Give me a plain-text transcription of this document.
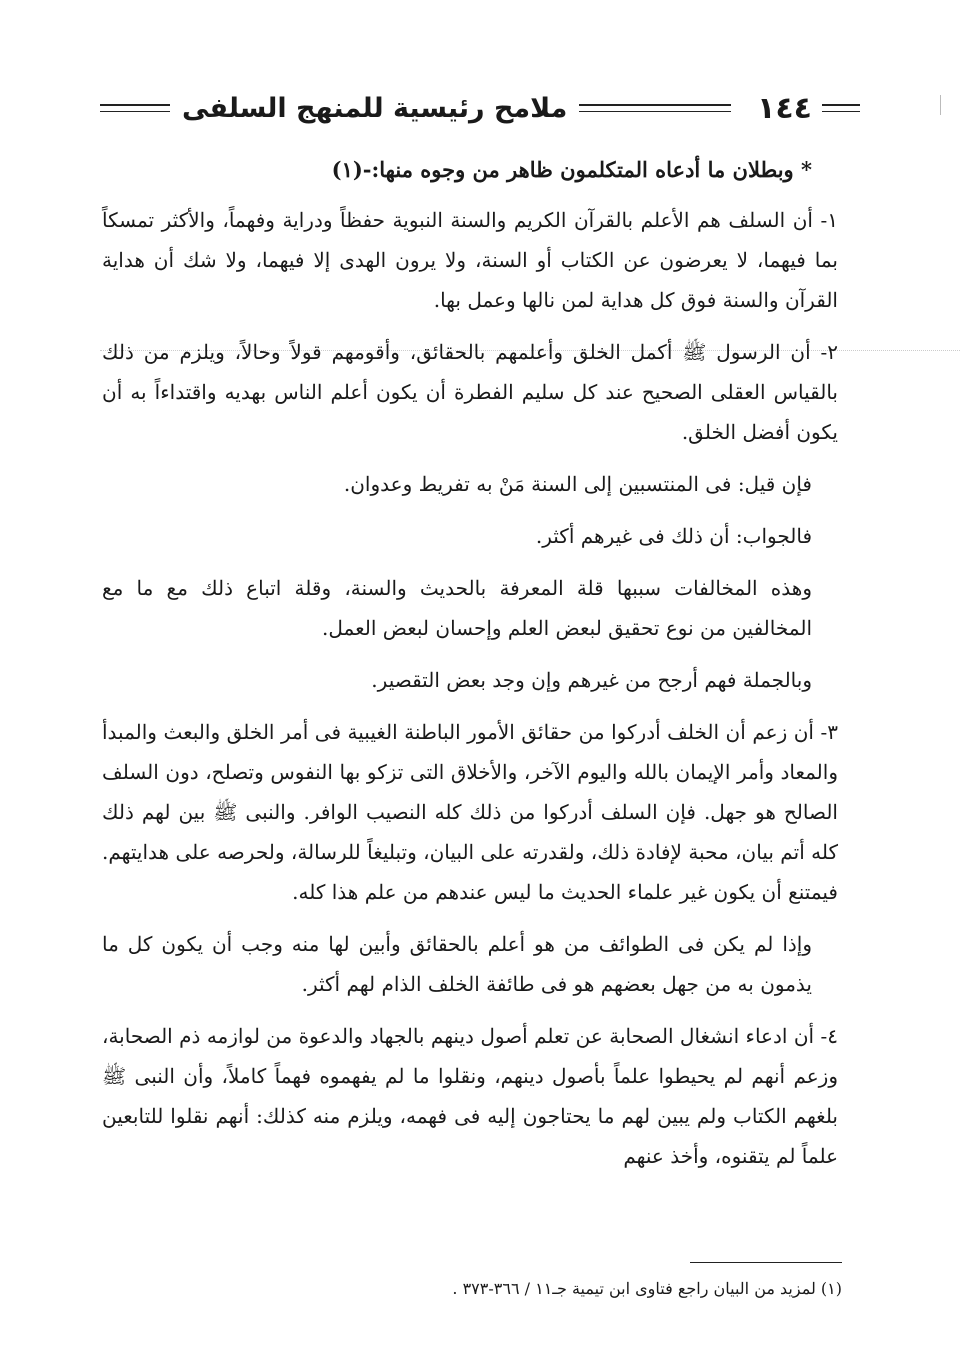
١٤٤
ملامح رئيسية للمنهج السلفى

* وبطلان ما أدعاه المتكلمون ظاهر من وجوه منها:-(١)

١- أن السلف هم الأعلم بالقرآن الكريم والسنة النبوية حفظاً ودراية وفهماً، والأكثر تمسكاً بما فيهما، لا يعرضون عن الكتاب أو السنة، ولا يرون الهدى إلا فيهما، ولا شك أن هداية القرآن والسنة فوق كل هداية لمن نالها وعمل بها.

٢- أن الرسول ﷺ أكمل الخلق وأعلمهم بالحقائق، وأقومهم قولاً وحالاً، ويلزم من ذلك بالقياس العقلى الصحيح عند كل سليم الفطرة أن يكون أعلم الناس بهديه واقتداءاً به أن يكون أفضل الخلق.

فإن قيل: فى المنتسبين إلى السنة مَنْ به تفريط وعدوان.

فالجواب: أن ذلك فى غيرهم أكثر.

وهذه المخالفات سببها قلة المعرفة بالحديث والسنة، وقلة اتباع ذلك مع ما مع المخالفين من نوع تحقيق لبعض العلم وإحسان لبعض العمل.

وبالجملة فهم أرجح من غيرهم وإن وجد بعض التقصير.

٣- أن زعم أن الخلف أدركوا من حقائق الأمور الباطنة الغيبية فى أمر الخلق والبعث والمبدأ والمعاد وأمر الإيمان بالله واليوم الآخر، والأخلاق التى تزكو بها النفوس وتصلح، دون السلف الصالح هو جهل. فإن السلف أدركوا من ذلك كله النصيب الوافر. والنبى ﷺ بين لهم ذلك كله أتم بيان، محبة لإفادة ذلك، ولقدرته على البيان، وتبليغاً للرسالة، ولحرصه على هدايتهم. فيمتنع أن يكون غير علماء الحديث ما ليس عندهم من علم هذا كله.

وإذا لم يكن فى الطوائف من هو أعلم بالحقائق وأبين لها منه وجب أن يكون كل ما يذمون به من جهل بعضهم هو فى طائفة الخلف الذام لهم أكثر.

٤- أن ادعاء انشغال الصحابة عن تعلم أصول دينهم بالجهاد والدعوة من لوازمه ذم الصحابة، وزعم أنهم لم يحيطوا علماً بأصول دينهم، ونقلوا ما لم يفهموه فهماً كاملاً، وأن النبى ﷺ بلغهم الكتاب ولم يبين لهم ما يحتاجون إليه فى فهمه، ويلزم منه كذلك: أنهم نقلوا للتابعين علماً لم يتقنوه، وأخذ عنهم

(١) لمزيد من البيان راجع فتاوى ابن تيمية جـ١١ / ٣٦٦-٣٧٣ .
